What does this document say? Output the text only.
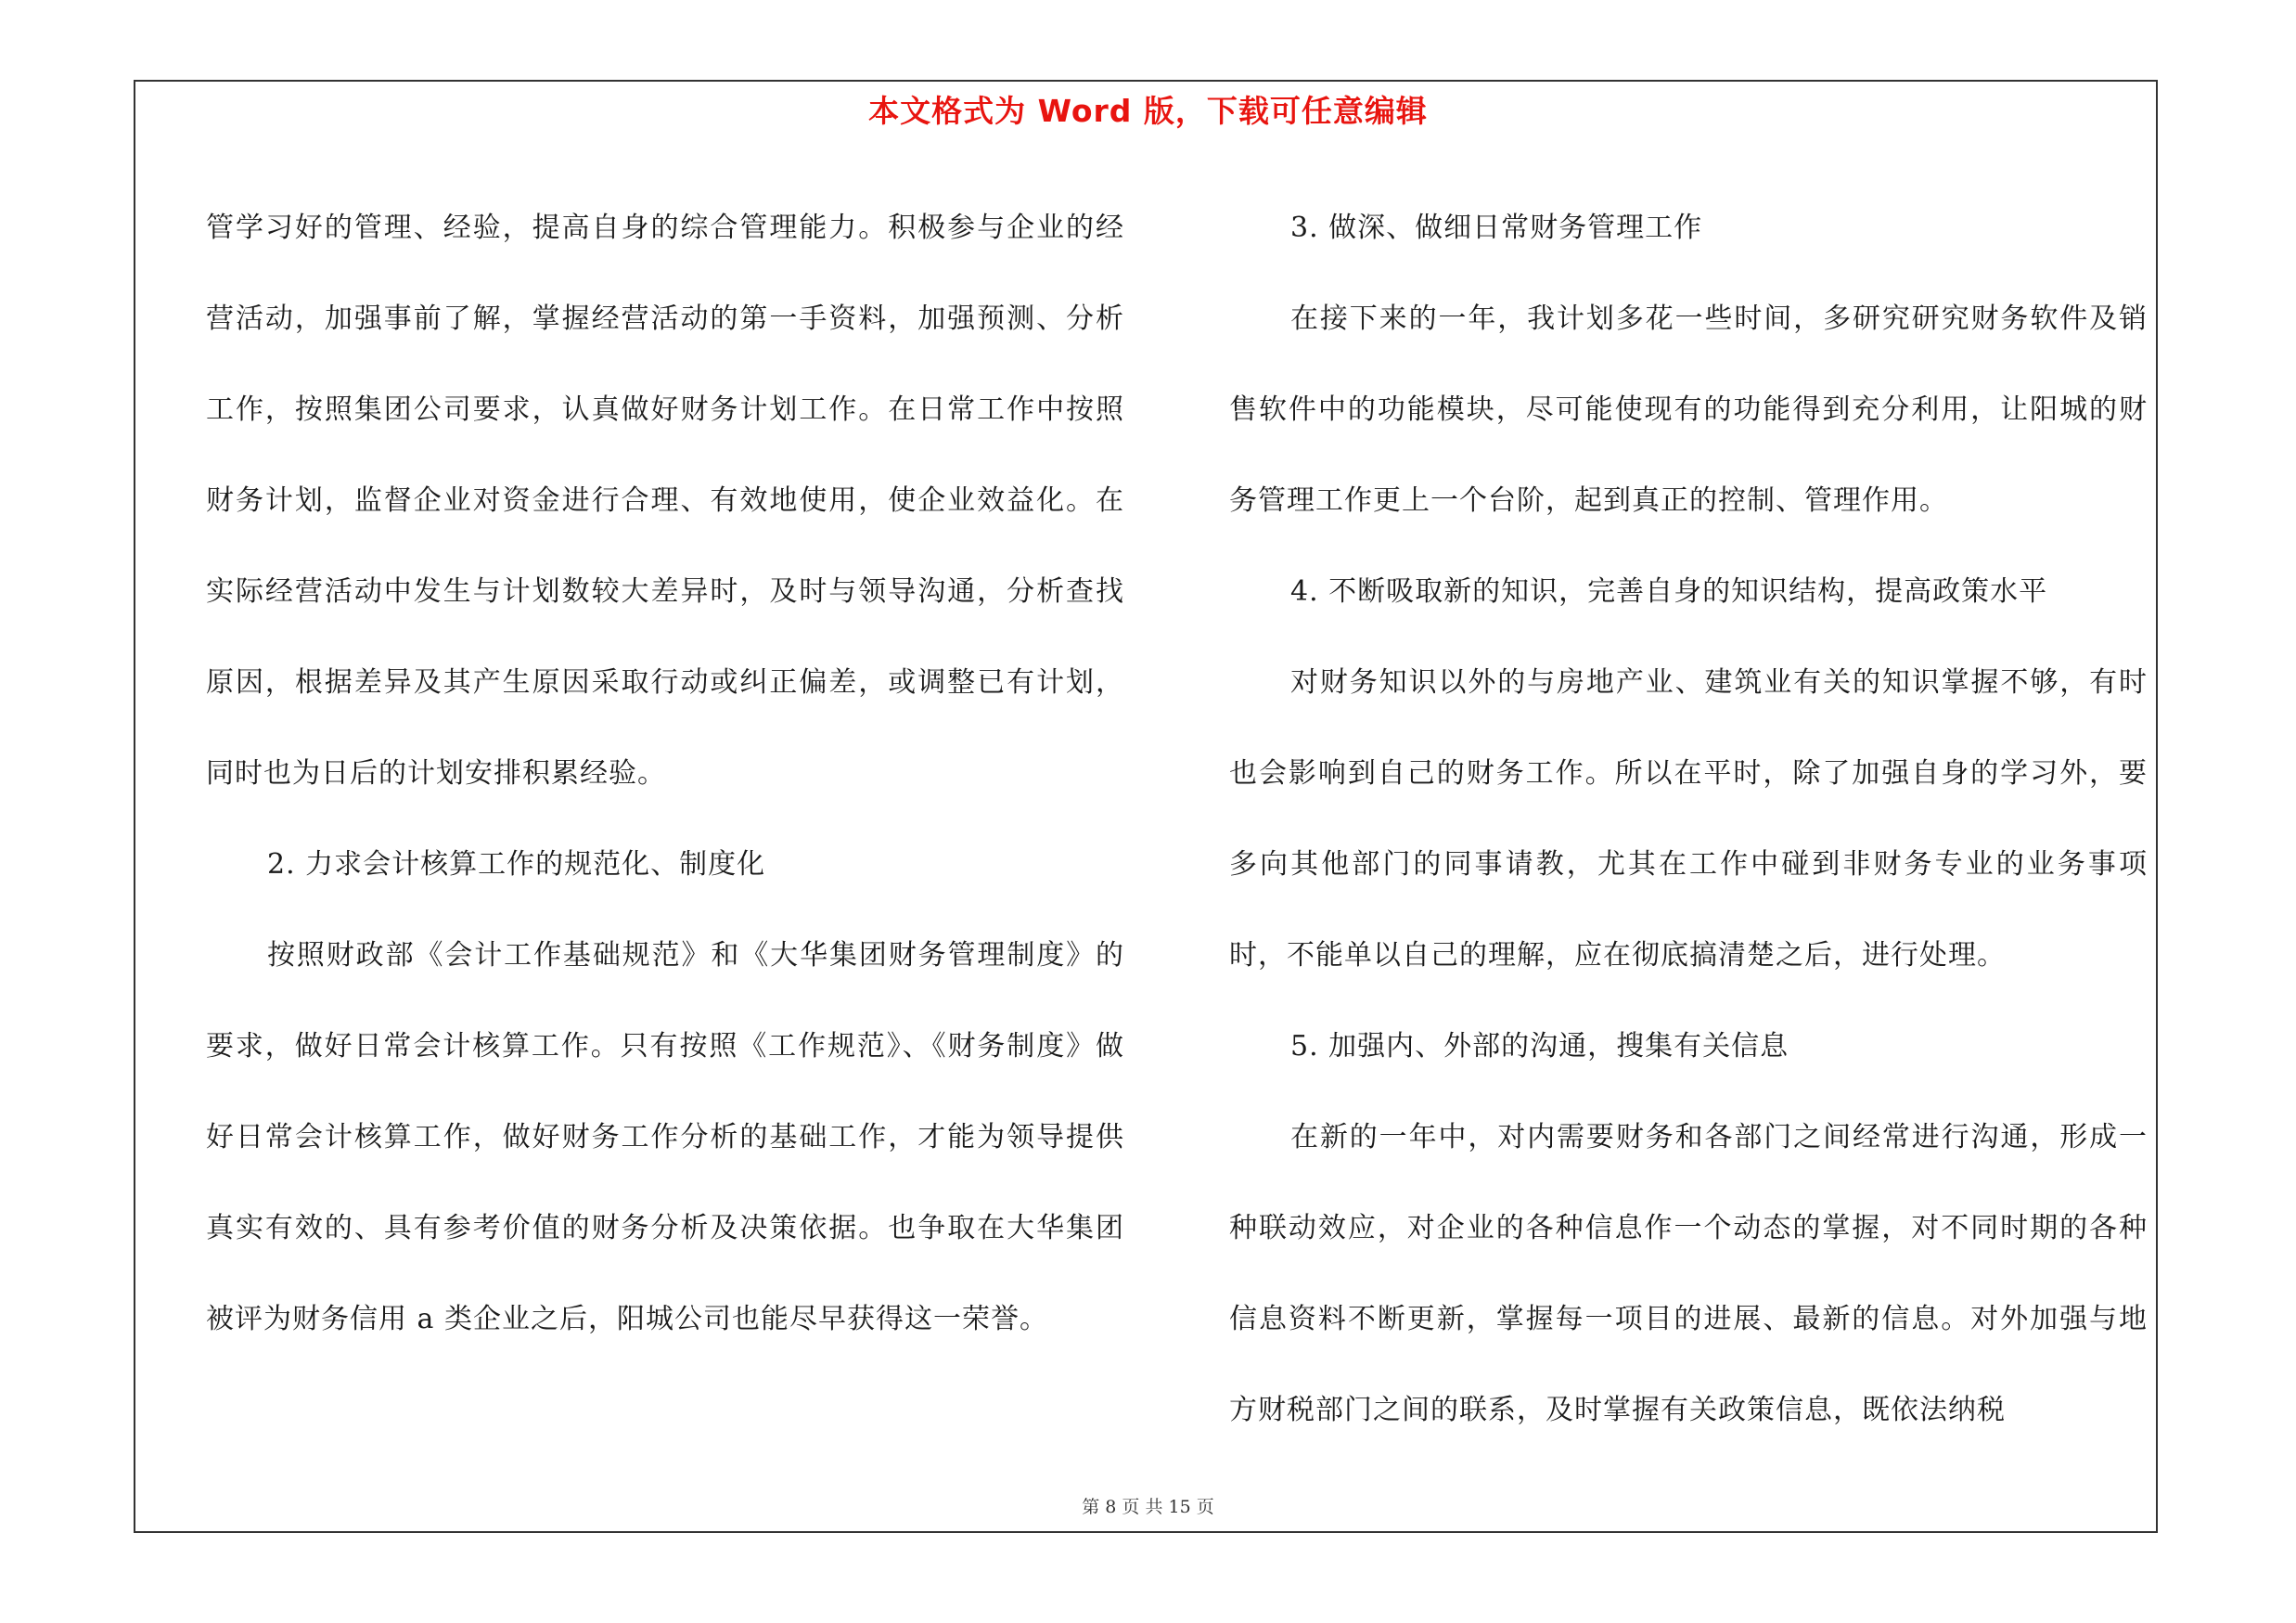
本文格式为 Word 版，下载可任意编辑

管学习好的管理、经验，提高自身的综合管理能力。积极参与企业的经营活动，加强事前了解，掌握经营活动的第一手资料，加强预测、分析工作，按照集团公司要求，认真做好财务计划工作。在日常工作中按照财务计划，监督企业对资金进行合理、有效地使用，使企业效益化。在实际经营活动中发生与计划数较大差异时，及时与领导沟通，分析查找原因，根据差异及其产生原因采取行动或纠正偏差，或调整已有计划，同时也为日后的计划安排积累经验。

2. 力求会计核算工作的规范化、制度化

按照财政部《会计工作基础规范》和《大华集团财务管理制度》的要求，做好日常会计核算工作。只有按照《工作规范》、《财务制度》做好日常会计核算工作，做好财务工作分析的基础工作，才能为领导提供真实有效的、具有参考价值的财务分析及决策依据。也争取在大华集团被评为财务信用 a 类企业之后，阳城公司也能尽早获得这一荣誉。

3. 做深、做细日常财务管理工作

在接下来的一年，我计划多花一些时间，多研究研究财务软件及销售软件中的功能模块，尽可能使现有的功能得到充分利用，让阳城的财务管理工作更上一个台阶，起到真正的控制、管理作用。

4. 不断吸取新的知识，完善自身的知识结构，提高政策水平

对财务知识以外的与房地产业、建筑业有关的知识掌握不够，有时也会影响到自己的财务工作。所以在平时，除了加强自身的学习外，要多向其他部门的同事请教，尤其在工作中碰到非财务专业的业务事项时，不能单以自己的理解，应在彻底搞清楚之后，进行处理。

5. 加强内、外部的沟通，搜集有关信息

在新的一年中，对内需要财务和各部门之间经常进行沟通，形成一种联动效应，对企业的各种信息作一个动态的掌握，对不同时期的各种信息资料不断更新，掌握每一项目的进展、最新的信息。对外加强与地方财税部门之间的联系，及时掌握有关政策信息，既依法纳税

第 8 页 共 15 页
